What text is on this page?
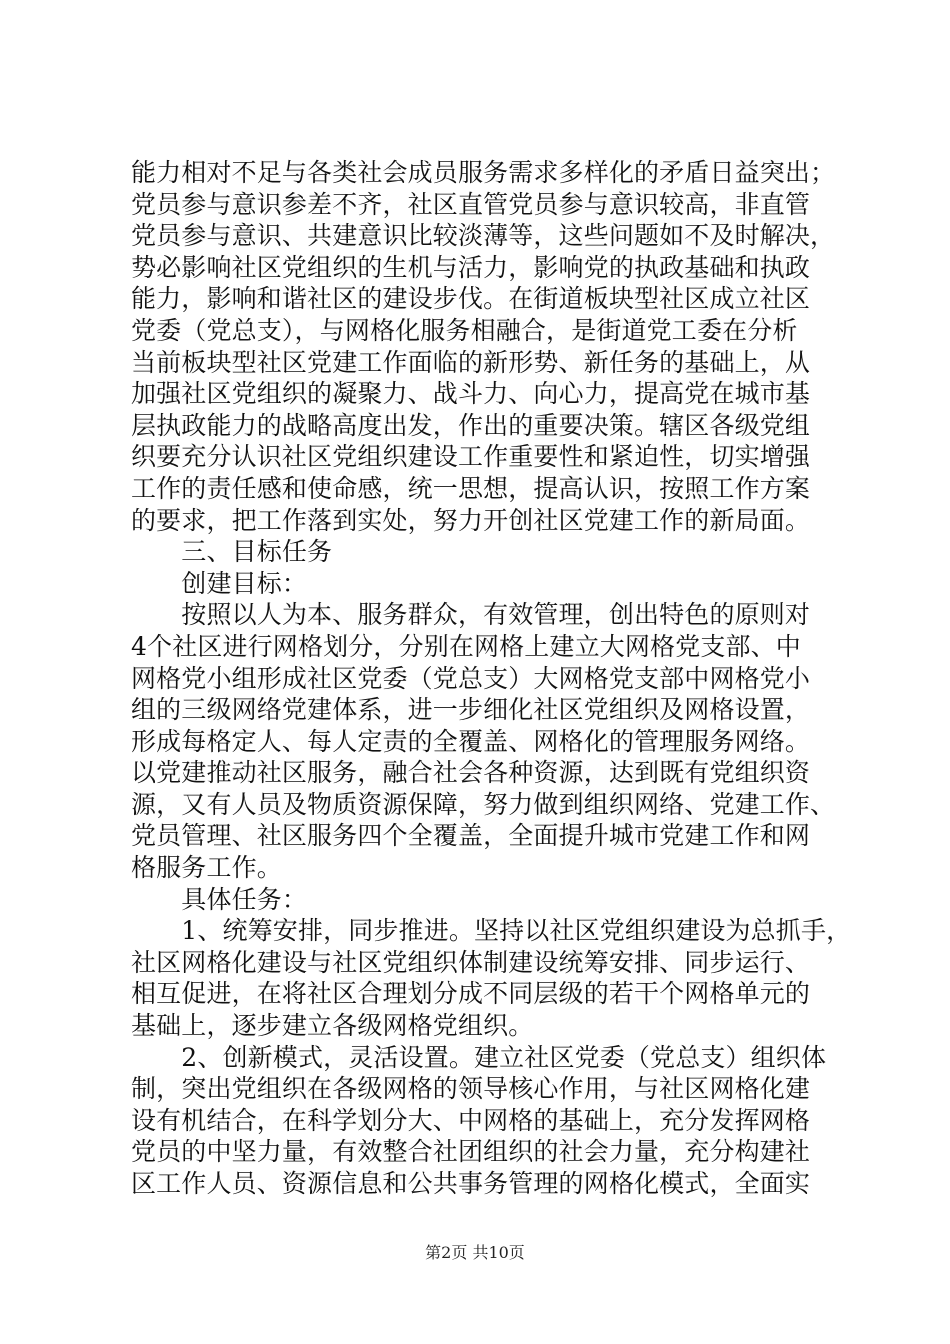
能力相对不足与各类社会成员服务需求多样化的矛盾日益突出；
党员参与意识参差不齐，社区直管党员参与意识较高，非直管
党员参与意识、共建意识比较淡薄等，这些问题如不及时解决，
势必影响社区党组织的生机与活力，影响党的执政基础和执政
能力，影响和谐社区的建设步伐。在街道板块型社区成立社区
党委（党总支），与网格化服务相融合，是街道党工委在分析
当前板块型社区党建工作面临的新形势、新任务的基础上，从
加强社区党组织的凝聚力、战斗力、向心力，提高党在城市基
层执政能力的战略高度出发，作出的重要决策。辖区各级党组
织要充分认识社区党组织建设工作重要性和紧迫性，切实增强
工作的责任感和使命感，统一思想，提高认识，按照工作方案
的要求，把工作落到实处，努力开创社区党建工作的新局面。
　　三、目标任务
　　创建目标：
　　按照以人为本、服务群众，有效管理，创出特色的原则对
4个社区进行网格划分，分别在网格上建立大网格党支部、中
网格党小组形成社区党委（党总支）大网格党支部中网格党小
组的三级网络党建体系，进一步细化社区党组织及网格设置，
形成每格定人、每人定责的全覆盖、网格化的管理服务网络。
以党建推动社区服务，融合社会各种资源，达到既有党组织资
源，又有人员及物质资源保障，努力做到组织网络、党建工作、
党员管理、社区服务四个全覆盖，全面提升城市党建工作和网
格服务工作。
　　具体任务：
　　1、统筹安排，同步推进。坚持以社区党组织建设为总抓手，
社区网格化建设与社区党组织体制建设统筹安排、同步运行、
相互促进，在将社区合理划分成不同层级的若干个网格单元的
基础上，逐步建立各级网格党组织。
　　2、创新模式，灵活设置。建立社区党委（党总支）组织体
制，突出党组织在各级网格的领导核心作用，与社区网格化建
设有机结合，在科学划分大、中网格的基础上，充分发挥网格
党员的中坚力量，有效整合社团组织的社会力量，充分构建社
区工作人员、资源信息和公共事务管理的网格化模式，全面实
第2页 共10页
